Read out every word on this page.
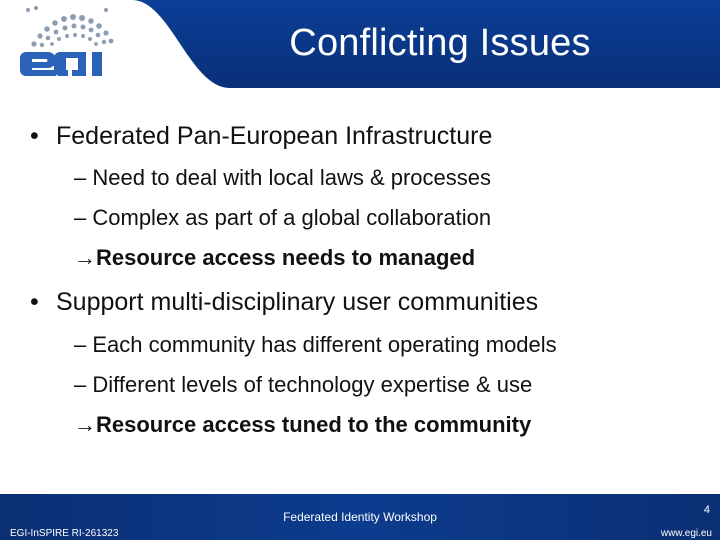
Conflicting Issues
• Federated Pan-European Infrastructure
– Need to deal with local laws & processes
– Complex as part of a global collaboration
→Resource access needs to managed
• Support multi-disciplinary user communities
– Each community has different operating models
– Different levels of technology expertise & use
→Resource access tuned to the community
EGI-InSPIRE RI-261323
Federated Identity Workshop	4
www.egi.eu
